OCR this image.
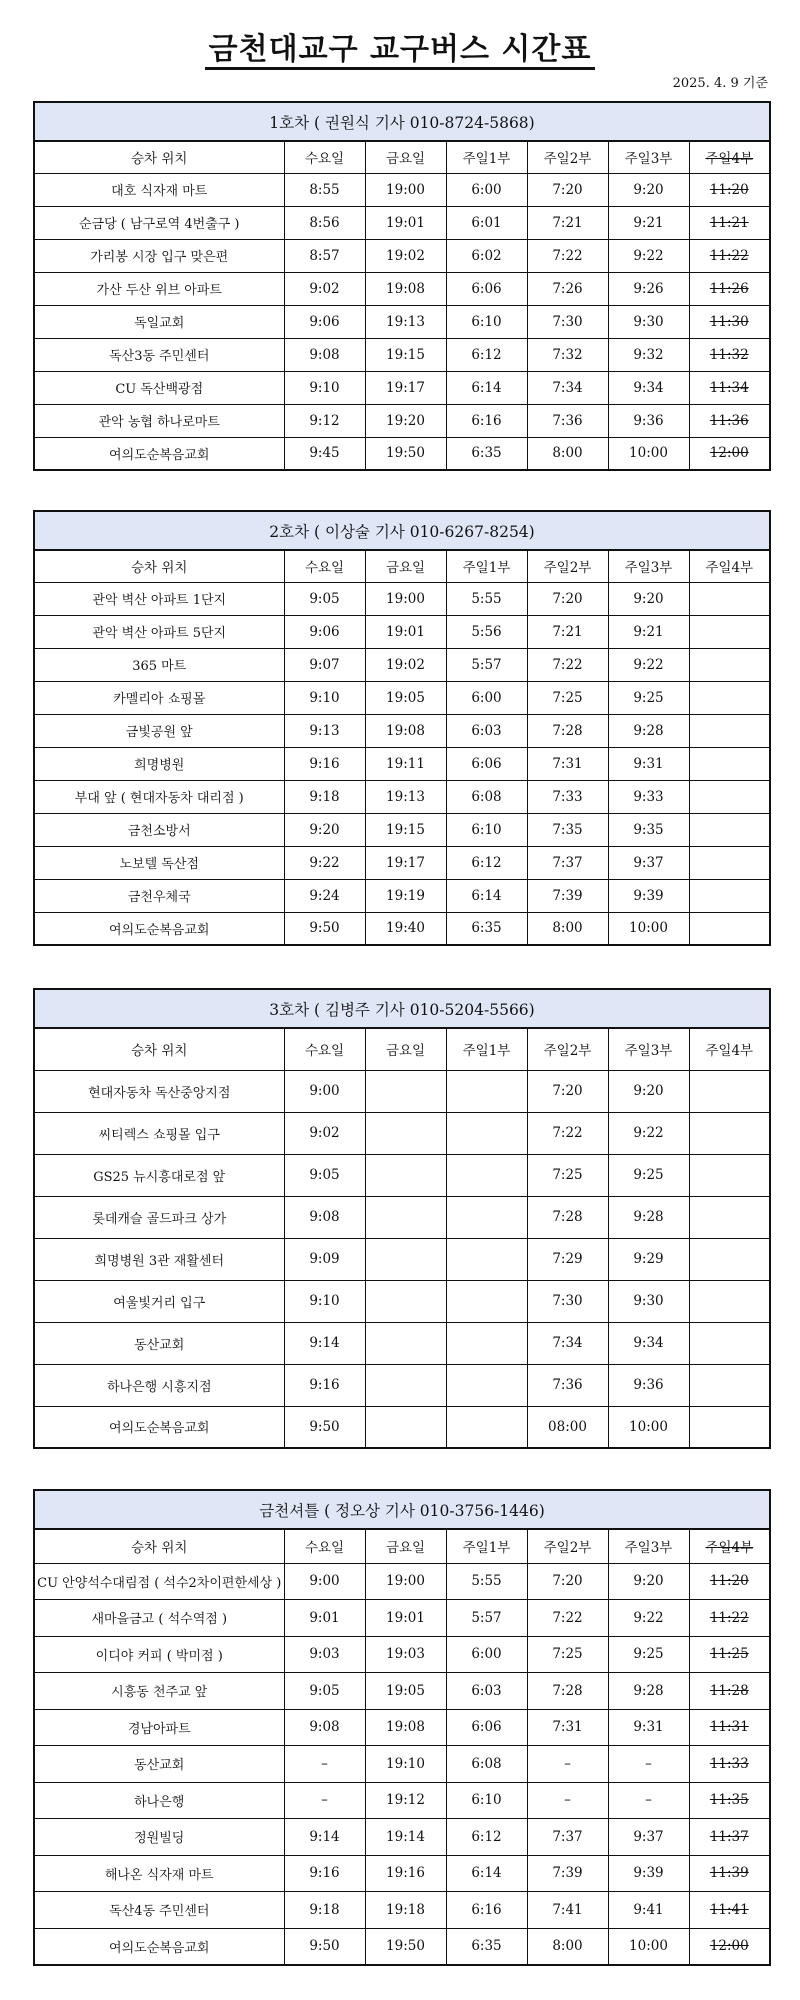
금천대교구 교구버스 시간표
2025. 4. 9 기준
1호차 ( 권원식 기사 010-8724-5868)						
승차 위치	수요일	금요일	주일1부	주일2부	주일3부	주일4부
대호 식자재 마트	8:55	19:00	6:00	7:20	9:20	11:20
순금당 ( 남구로역 4번출구 )	8:56	19:01	6:01	7:21	9:21	11:21
가리봉 시장 입구 맞은편	8:57	19:02	6:02	7:22	9:22	11:22
가산 두산 위브 아파트	9:02	19:08	6:06	7:26	9:26	11:26
독일교회	9:06	19:13	6:10	7:30	9:30	11:30
독산3동 주민센터	9:08	19:15	6:12	7:32	9:32	11:32
CU 독산백광점	9:10	19:17	6:14	7:34	9:34	11:34
관악 농협 하나로마트	9:12	19:20	6:16	7:36	9:36	11:36
여의도순복음교회	9:45	19:50	6:35	8:00	10:00	12:00
2호차 ( 이상술 기사 010-6267-8254)						
승차 위치	수요일	금요일	주일1부	주일2부	주일3부	주일4부
관악 벽산 아파트 1단지	9:05	19:00	5:55	7:20	9:20	
관악 벽산 아파트 5단지	9:06	19:01	5:56	7:21	9:21	
365 마트	9:07	19:02	5:57	7:22	9:22	
카멜리아 쇼핑몰	9:10	19:05	6:00	7:25	9:25	
금빛공원 앞	9:13	19:08	6:03	7:28	9:28	
희명병원	9:16	19:11	6:06	7:31	9:31	
부대 앞 ( 현대자동차 대리점 )	9:18	19:13	6:08	7:33	9:33	
금천소방서	9:20	19:15	6:10	7:35	9:35	
노보텔 독산점	9:22	19:17	6:12	7:37	9:37	
금천우체국	9:24	19:19	6:14	7:39	9:39	
여의도순복음교회	9:50	19:40	6:35	8:00	10:00	
3호차 ( 김병주 기사 010-5204-5566)						
승차 위치	수요일	금요일	주일1부	주일2부	주일3부	주일4부
현대자동차 독산중앙지점	9:00			7:20	9:20	
씨티렉스 쇼핑몰 입구	9:02			7:22	9:22	
GS25 뉴시흥대로점 앞	9:05			7:25	9:25	
롯데캐슬 골드파크 상가	9:08			7:28	9:28	
희명병원 3관 재활센터	9:09			7:29	9:29	
여울빛거리 입구	9:10			7:30	9:30	
동산교회	9:14			7:34	9:34	
하나은행 시흥지점	9:16			7:36	9:36	
여의도순복음교회	9:50			08:00	10:00	
금천셔틀 ( 정오상 기사 010-3756-1446)						
승차 위치	수요일	금요일	주일1부	주일2부	주일3부	주일4부
CU 안양석수대림점 ( 석수2차이편한세상 )	9:00	19:00	5:55	7:20	9:20	11:20
새마을금고 ( 석수역점 )	9:01	19:01	5:57	7:22	9:22	11:22
이디야 커피 ( 박미점 )	9:03	19:03	6:00	7:25	9:25	11:25
시흥동 천주교 앞	9:05	19:05	6:03	7:28	9:28	11:28
경남아파트	9:08	19:08	6:06	7:31	9:31	11:31
동산교회	–	19:10	6:08	–	–	11:33
하나은행	–	19:12	6:10	–	–	11:35
정원빌딩	9:14	19:14	6:12	7:37	9:37	11:37
해나온 식자재 마트	9:16	19:16	6:14	7:39	9:39	11:39
독산4동 주민센터	9:18	19:18	6:16	7:41	9:41	11:41
여의도순복음교회	9:50	19:50	6:35	8:00	10:00	12:00
